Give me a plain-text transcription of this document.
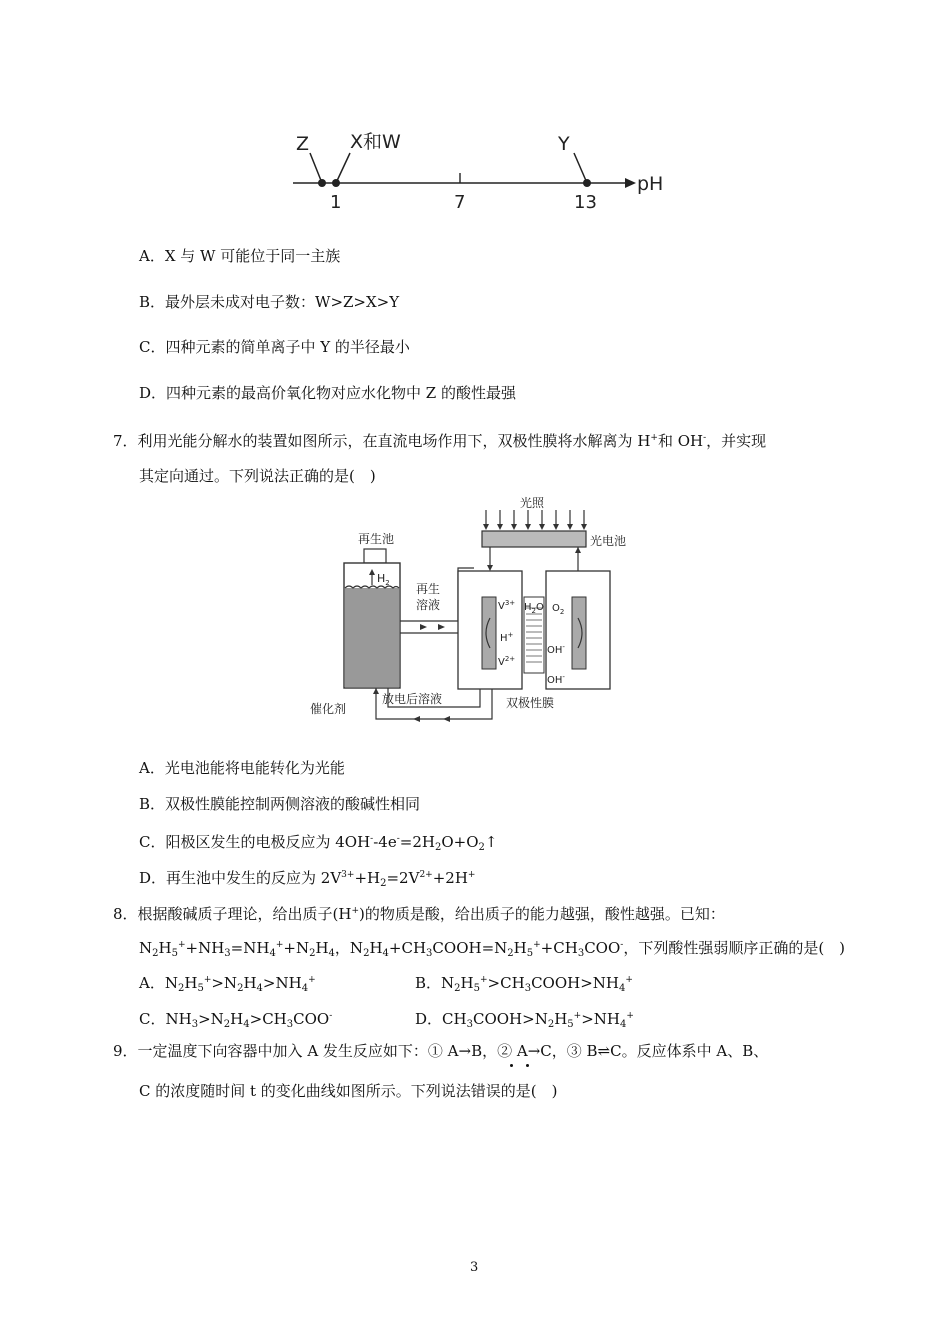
Z X和W	Y
1	7	13
pH
A．X 与 W 可能位于同一主族
B．最外层未成对电子数：W>Z>X>Y
C．四种元素的简单离子中 Y 的半径最小
D．四种元素的最高价氧化物对应水化物中 Z 的酸性最强
7．利用光能分解水的装置如图所示，在直流电场作用下，双极性膜将水解离为 H+和 OH-，并实现
其定向通过。下列说法正确的是(　)
光照
光电池
再生池
$H_2$ 再生
溶液	$V^{3+}$
$V^{2+}$
H+
$H_2O$ $O_2$
OH-
OH-
放电后溶液
催化剂	双极性膜
A．光电池能将电能转化为光能
B．双极性膜能控制两侧溶液的酸碱性相同
C．阳极区发生的电极反应为 $4OH^--4e^-=2H_2O+O_2↑$
D．再生池中发生的反应为 $2V^{3+}+H_2=2V^{2+}+2H^+$
8．根据酸碱质子理论，给出质子(H+)的物质是酸，给出质子的能力越强，酸性越强。已知：
$N_2H_5^++NH_3=NH_4^++N_2H_4$，$N_2H_4+CH_3COOH=N_2H_5^++CH_3COO^-$，下列酸性强弱顺序正确的是(　)
A．$N_2H_5^+>N_2H_4>NH_4^+$	B．$N_2H_5^+>CH_3COOH>NH_4^+$
C．$NH_3>N_2H_4>CH_3COO^-$	D．$CH_3COOH>N_2H_5^+>NH_4^+$
9．一定温度下向容器中加入 A 发生反应如下：① A→B，② A→C，③ B⇌C。反应体系中 A、B、
C 的浓度随时间 t 的变化曲线如图所示。下列说法错误的是(　)
3
